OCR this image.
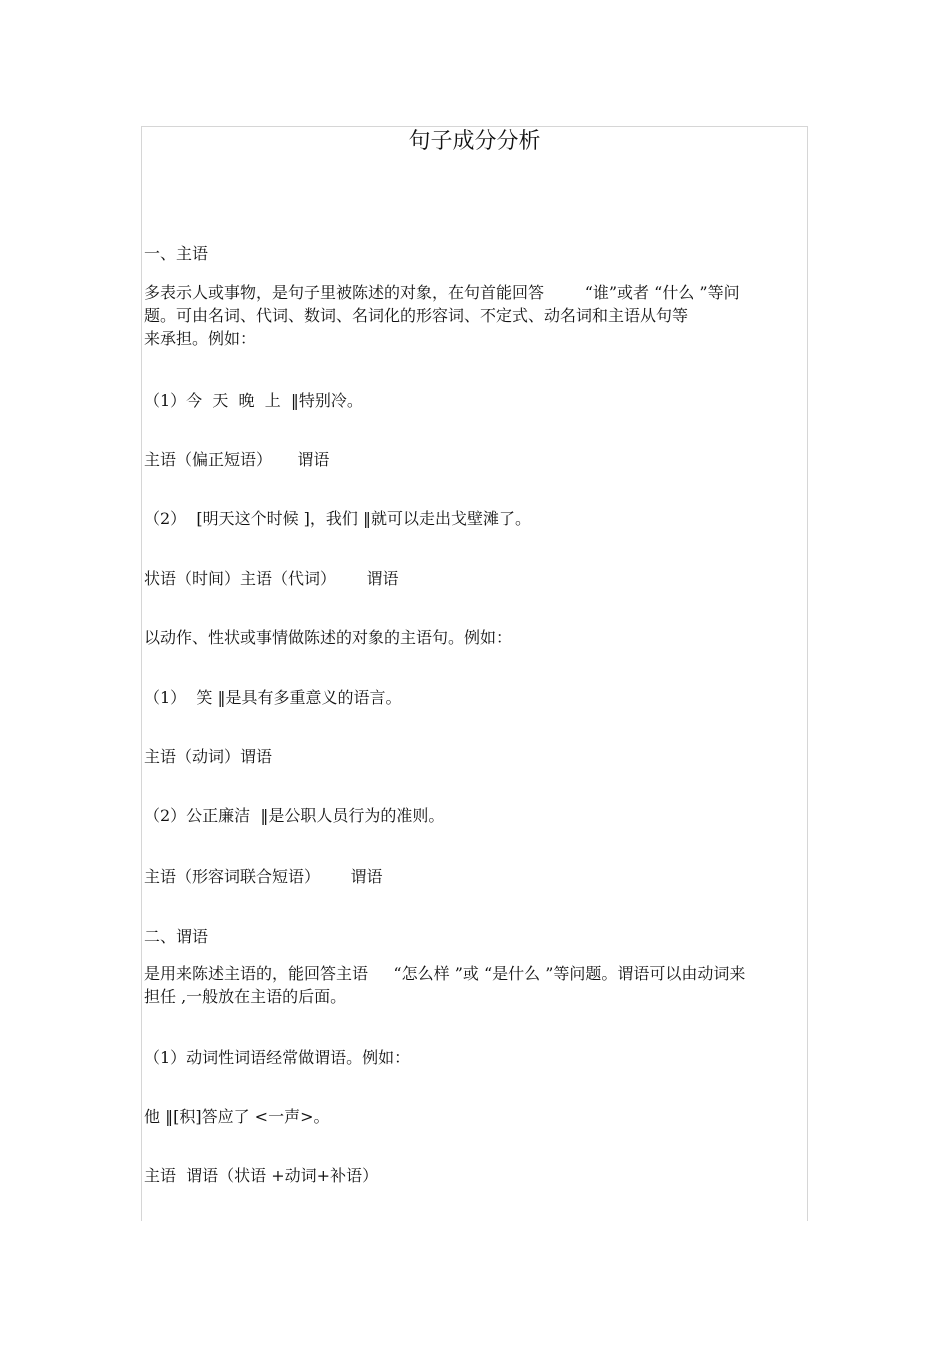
句子成分分析
一、主语
多表示人或事物，是句子里被陈述的对象，在句首能回答        “谁”或者 “什么 ”等问
题。可由名词、代词、数词、名词化的形容词、不定式、动名词和主语从句等
来承担。例如：
（1）今  天  晚  上  ‖特别冷。
主语（偏正短语）     谓语
（2）  [明天这个时候 ]，我们 ‖就可以走出戈壁滩了。
状语（时间）主语（代词）      谓语
以动作、性状或事情做陈述的对象的主语句。例如：
（1）  笑 ‖是具有多重意义的语言。
主语（动词）谓语
（2）公正廉洁  ‖是公职人员行为的准则。
主语（形容词联合短语）      谓语
二、谓语
是用来陈述主语的，能回答主语     “怎么样 ”或 “是什么 ”等问题。谓语可以由动词来
担任 ,一般放在主语的后面。
（1）动词性词语经常做谓语。例如：
他 ‖[积]答应了 <一声>。
主语  谓语（状语 +动词+补语）
